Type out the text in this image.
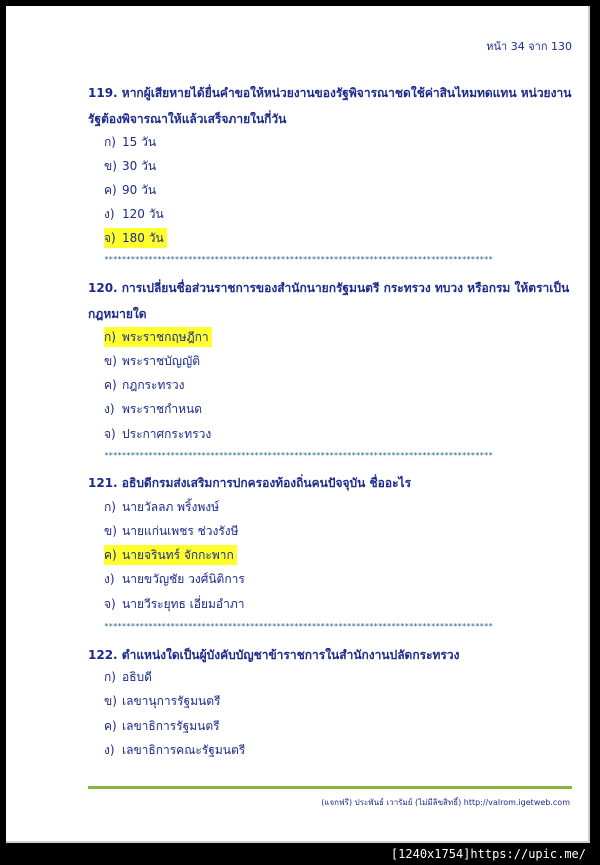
หน้า 34 จาก 130
119. หากผู้เสียหายได้ยื่นคำขอให้หน่วยงานของรัฐพิจารณาชดใช้ค่าสินไหมทดแทน หน่วยงานรัฐต้องพิจารณาให้แล้วเสร็จภายในกี่วัน
ก) 15 วัน
ข) 30 วัน
ค) 90 วัน
ง) 120 วัน
จ) 180 วัน
****************************************************************************************
120. การเปลี่ยนชื่อส่วนราชการของสำนักนายกรัฐมนตรี กระทรวง ทบวง หรือกรม ให้ตราเป็นกฎหมายใด
ก) พระราชกฤษฎีกา
ข) พระราชบัญญัติ
ค) กฎกระทรวง
ง) พระราชกำหนด
จ) ประกาศกระทรวง
****************************************************************************************
121. อธิบดีกรมส่งเสริมการปกครองท้องถิ่นคนปัจจุบัน ชื่ออะไร
ก) นายวัลลภ พริ้งพงษ์
ข) นายแก่นเพชร ช่วงรังษี
ค) นายจรินทร์ จักกะพาก
ง) นายขวัญชัย วงศ์นิติการ
จ) นายวีระยุทธ เอี่ยมอำภา
****************************************************************************************
122. ตำแหน่งใดเป็นผู้บังคับบัญชาข้าราชการในสำนักงานปลัดกระทรวง
ก) อธิบดี
ข) เลขานุการรัฐมนตรี
ค) เลขาธิการรัฐมนตรี
ง) เลขาธิการคณะรัฐมนตรี
(แจกฟรี) ประพันธ์ เวารัมย์ (ไม่มีลิขสิทธิ์) http://valrom.igetweb.com
[1240x1754]https://upic.me/
